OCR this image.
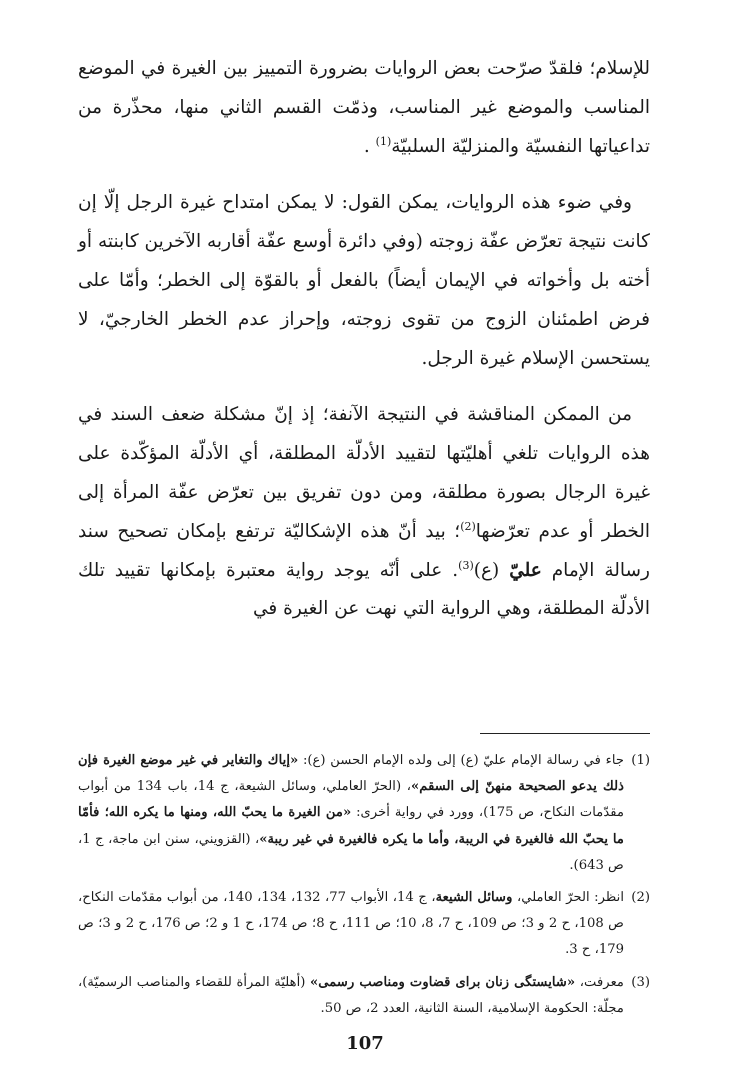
للإسلام؛ فلقدّ صرّحت بعض الروايات بضرورة التمييز بين الغيرة في الموضع المناسب والموضع غير المناسب، وذمّت القسم الثاني منها، محذّرة من تداعياتها النفسيّة والمنزليّة السلبيّة$^{(1)}$ .

وفي ضوء هذه الروايات، يمكن القول: لا يمكن امتداح غيرة الرجل إلّا إن كانت نتيجة تعرّض عفّة زوجته (وفي دائرة أوسع عفّة أقاربه الآخرين كابنته أو أخته بل وأخواته في الإيمان أيضاً) بالفعل أو بالقوّة إلى الخطر؛ وأمّا على فرض اطمئنان الزوج من تقوى زوجته، وإحراز عدم الخطر الخارجيّ، لا يستحسن الإسلام غيرة الرجل.

من الممكن المناقشة في النتيجة الآنفة؛ إذ إنّ مشكلة ضعف السند في هذه الروايات تلغي أهليّتها لتقييد الأدلّة المطلقة، أي الأدلّة المؤكّدة على غيرة الرجال بصورة مطلقة، ومن دون تفريق بين تعرّض عفّة المرأة إلى الخطر أو عدم تعرّضها$^{(2)}$؛ بيد أنّ هذه الإشكاليّة ترتفع بإمكان تصحيح سند رسالة الإمام عليّ (ع)$^{(3)}$. على أنّه يوجد رواية معتبرة بإمكانها تقييد تلك الأدلّة المطلقة، وهي الرواية التي نهت عن الغيرة في

(1)
جاء في رسالة الإمام عليّ (ع) إلى ولده الإمام الحسن (ع): «إياك والتغاير في غير موضع الغيرة فإن ذلك يدعو الصحيحة منهنّ إلى السقم»، (الحرّ العاملي، وسائل الشيعة، ج 14، باب 134 من أبواب مقدّمات النكاح، ص 175)، وورد في رواية أخرى: «من الغيرة ما يحبّ الله، ومنها ما يكره الله؛ فأمّا ما يحبّ الله فالغيرة في الريبة، وأما ما يكره فالغيرة في غير ريبة»، (القزويني، سنن ابن ماجة، ج 1، ص 643).
(2)
انظر: الحرّ العاملي، وسائل الشيعة، ج 14، الأبواب 77، 132، 134، 140، من أبواب مقدّمات النكاح، ص 108، ح 2 و 3؛ ص 109، ح 7، 8، 10؛ ص 111، ح 8؛ ص 174، ح 1 و 2؛ ص 176، ح 2 و 3؛ ص 179، ح 3.
(3)
معرفت، «شايستگى زنان براى قضاوت ومناصب رسمى» (أهليّة المرأة للقضاء والمناصب الرسميّة)، مجلّة: الحكومة الإسلامية، السنة الثانية، العدد 2، ص 50.
107
